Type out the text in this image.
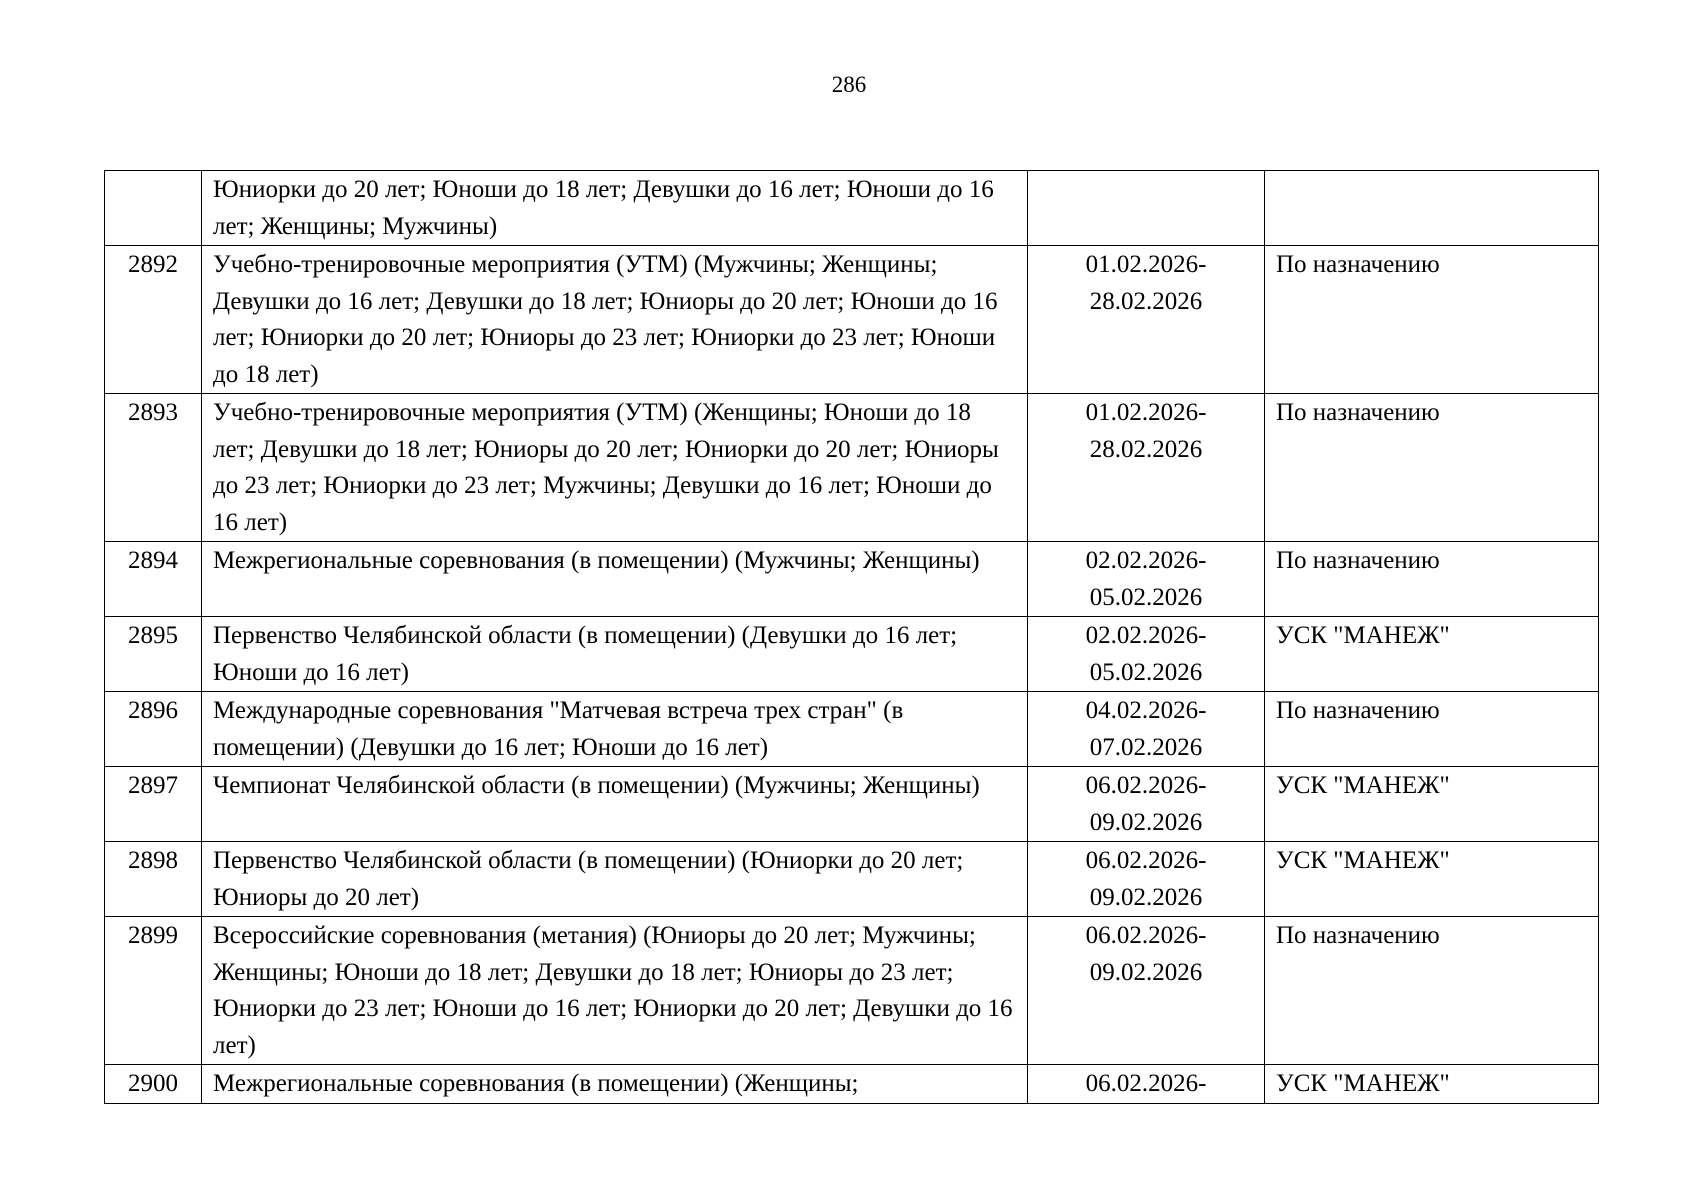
286
	Юниорки до 20 лет; Юноши до 18 лет; Девушки до 16 лет; Юноши до 16 лет; Женщины; Мужчины)		
2892	Учебно-тренировочные мероприятия (УТМ) (Мужчины; Женщины; Девушки до 16 лет; Девушки до 18 лет; Юниоры до 20 лет; Юноши до 16 лет; Юниорки до 20 лет; Юниоры до 23 лет; Юниорки до 23 лет; Юноши до 18 лет)	01.02.2026-28.02.2026	По назначению
2893	Учебно-тренировочные мероприятия (УТМ) (Женщины; Юноши до 18 лет; Девушки до 18 лет; Юниоры до 20 лет; Юниорки до 20 лет; Юниоры до 23 лет; Юниорки до 23 лет; Мужчины; Девушки до 16 лет; Юноши до 16 лет)	01.02.2026-28.02.2026	По назначению
2894	Межрегиональные соревнования (в помещении) (Мужчины; Женщины)	02.02.2026-05.02.2026	По назначению
2895	Первенство Челябинской области (в помещении) (Девушки до 16 лет; Юноши до 16 лет)	02.02.2026-05.02.2026	УСК "МАНЕЖ"
2896	Международные соревнования "Матчевая встреча трех стран" (в помещении) (Девушки до 16 лет; Юноши до 16 лет)	04.02.2026-07.02.2026	По назначению
2897	Чемпионат Челябинской области (в помещении) (Мужчины; Женщины)	06.02.2026-09.02.2026	УСК "МАНЕЖ"
2898	Первенство Челябинской области (в помещении) (Юниорки до 20 лет; Юниоры до 20 лет)	06.02.2026-09.02.2026	УСК "МАНЕЖ"
2899	Всероссийские соревнования (метания) (Юниоры до 20 лет; Мужчины; Женщины; Юноши до 18 лет; Девушки до 18 лет; Юниоры до 23 лет; Юниорки до 23 лет; Юноши до 16 лет; Юниорки до 20 лет; Девушки до 16 лет)	06.02.2026-09.02.2026	По назначению
2900	Межрегиональные соревнования (в помещении) (Женщины;	06.02.2026-	УСК "МАНЕЖ"
